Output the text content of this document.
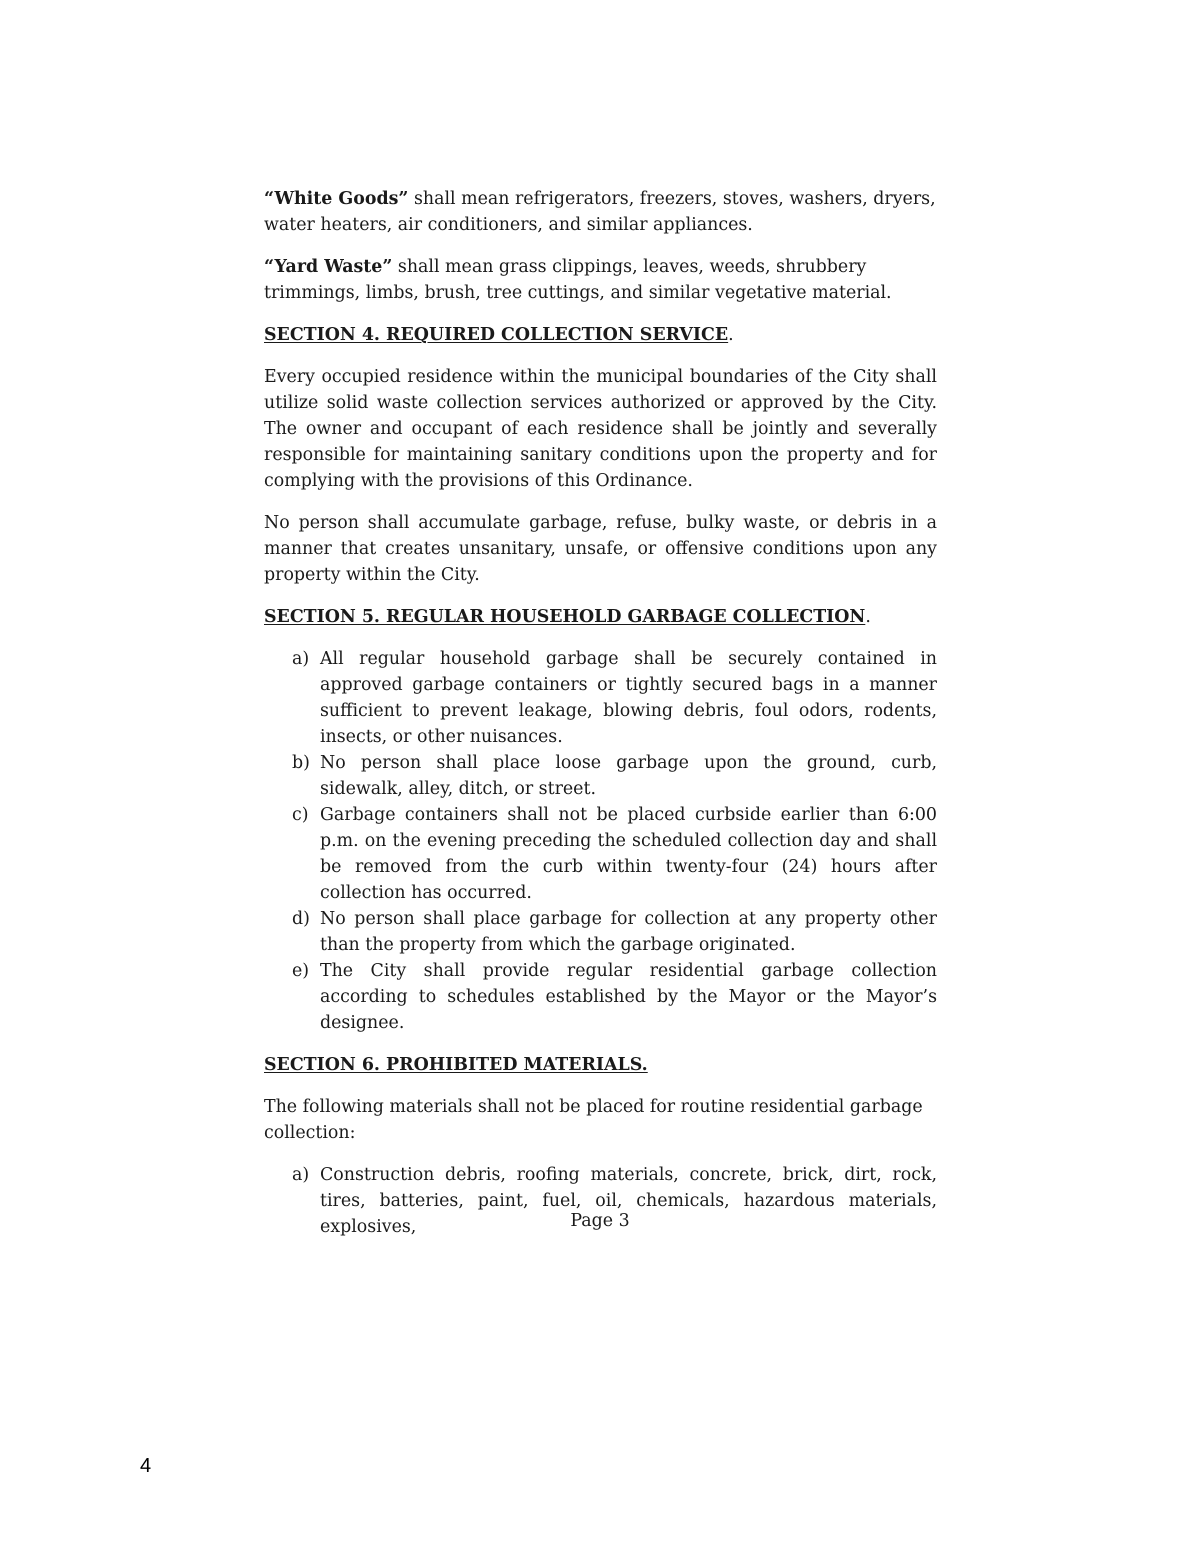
“White Goods” shall mean refrigerators, freezers, stoves, washers, dryers, water heaters, air conditioners, and similar appliances.

“Yard Waste” shall mean grass clippings, leaves, weeds, shrubbery trimmings, limbs, brush, tree cuttings, and similar vegetative material.

SECTION 4. REQUIRED COLLECTION SERVICE.

Every occupied residence within the municipal boundaries of the City shall utilize solid waste collection services authorized or approved by the City. The owner and occupant of each residence shall be jointly and severally responsible for maintaining sanitary conditions upon the property and for complying with the provisions of this Ordinance.

No person shall accumulate garbage, refuse, bulky waste, or debris in a manner that creates unsanitary, unsafe, or offensive conditions upon any property within the City.

SECTION 5. REGULAR HOUSEHOLD GARBAGE COLLECTION.
a) All regular household garbage shall be securely contained in approved garbage containers or tightly secured bags in a manner sufficient to prevent leakage, blowing debris, foul odors, rodents, insects, or other nuisances.
b) No person shall place loose garbage upon the ground, curb, sidewalk, alley, ditch, or street.
c) Garbage containers shall not be placed curbside earlier than 6:00 p.m. on the evening preceding the scheduled collection day and shall be removed from the curb within twenty-four (24) hours after collection has occurred.
d) No person shall place garbage for collection at any property other than the property from which the garbage originated.
e) The City shall provide regular residential garbage collection according to schedules established by the Mayor or the Mayor’s designee.
SECTION 6. PROHIBITED MATERIALS.

The following materials shall not be placed for routine residential garbage collection:

a) Construction debris, roofing materials, concrete, brick, dirt, rock, tires, batteries, paint, fuel, oil, chemicals, hazardous materials, explosives,	Page 3
4
